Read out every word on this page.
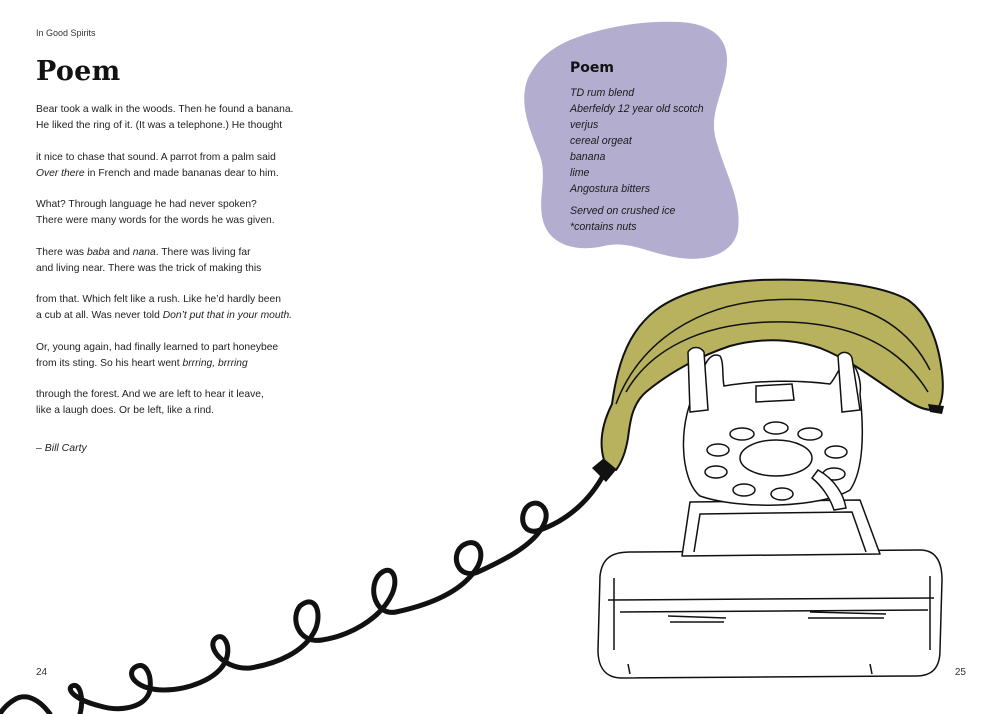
In Good Spirits
Poem
Bear took a walk in the woods. Then he found a banana.
He liked the ring of it. (It was a telephone.) He thought
it nice to chase that sound. A parrot from a palm said
Over there in French and made bananas dear to him.
What? Through language he had never spoken?
There were many words for the words he was given.
There was baba and nana. There was living far
and living near. There was the trick of making this
from that. Which felt like a rush. Like he’d hardly been
a cub at all. Was never told Don’t put that in your mouth.
Or, young again, had finally learned to part honeybee
from its sting. So his heart went brrring, brrring
through the forest. And we are left to hear it leave,
like a laugh does. Or be left, like a rind.
– Bill Carty
Poem
TD rum blend
Aberfeldy 12 year old scotch
verjus
cereal orgeat
banana
lime
Angostura bitters
Served on crushed ice
*contains nuts
24	25
